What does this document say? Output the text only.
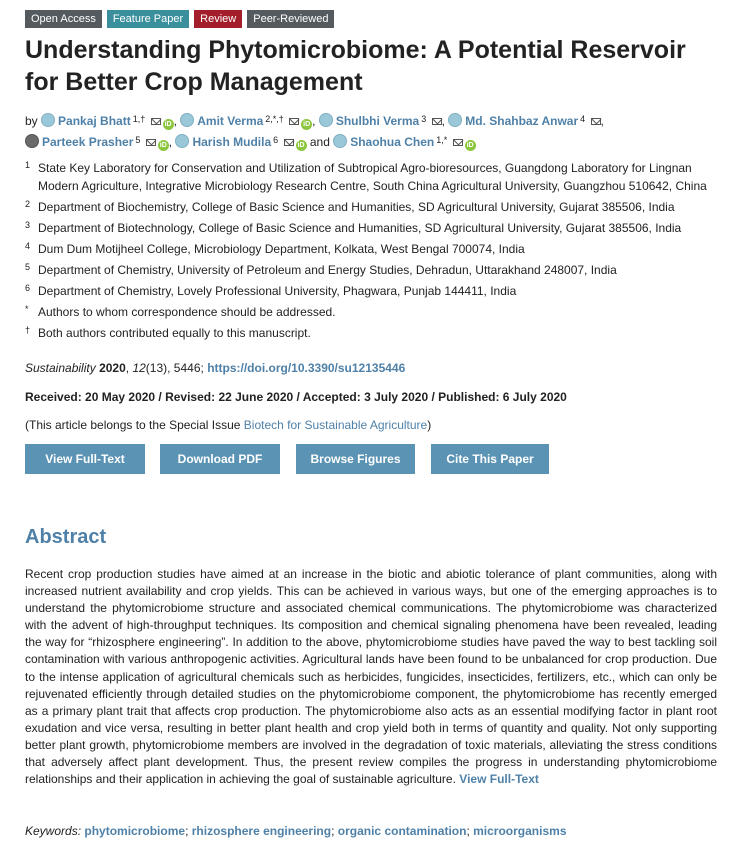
Open Access	Feature Paper	Review	Peer-Reviewed
Understanding Phytomicrobiome: A Potential Reservoir for Better Crop Management
by Pankaj Bhatt $^{1,\dagger}$ iD , Amit Verma $^{2,*,\dagger}$ iD , Shulbhi Verma $^3$ , Md. Shahbaz Anwar $^4$ ,
Parteek Prasher $^5$ iD , Harish Mudila $^6$ iD and Shaohua Chen $^{1,*}$ iD
1 State Key Laboratory for Conservation and Utilization of Subtropical Agro-bioresources, Guangdong Laboratory for Lingnan Modern Agriculture, Integrative Microbiology Research Centre, South China Agricultural University, Guangzhou 510642, China
2 Department of Biochemistry, College of Basic Science and Humanities, SD Agricultural University, Gujarat 385506, India
3 Department of Biotechnology, College of Basic Science and Humanities, SD Agricultural University, Gujarat 385506, India
4 Dum Dum Motijheel College, Microbiology Department, Kolkata, West Bengal 700074, India
5 Department of Chemistry, University of Petroleum and Energy Studies, Dehradun, Uttarakhand 248007, India
6 Department of Chemistry, Lovely Professional University, Phagwara, Punjab 144411, India
* Authors to whom correspondence should be addressed.
† Both authors contributed equally to this manuscript.
Sustainability 2020, 12(13), 5446; https://doi.org/10.3390/su12135446
Received: 20 May 2020 / Revised: 22 June 2020 / Accepted: 3 July 2020 / Published: 6 July 2020
(This article belongs to the Special Issue Biotech for Sustainable Agriculture)
View Full-Text	Download PDF	Browse Figures	Cite This Paper
Abstract
Recent crop production studies have aimed at an increase in the biotic and abiotic tolerance of plant communities, along with increased nutrient availability and crop yields. This can be achieved in various ways, but one of the emerging approaches is to understand the phytomicrobiome structure and associated chemical communications. The phytomicrobiome was characterized with the advent of high-throughput techniques. Its composition and chemical signaling phenomena have been revealed, leading the way for “rhizosphere engineering”. In addition to the above, phytomicrobiome studies have paved the way to best tackling soil contamination with various anthropogenic activities. Agricultural lands have been found to be unbalanced for crop production. Due to the intense application of agricultural chemicals such as herbicides, fungicides, insecticides, fertilizers, etc., which can only be rejuvenated efficiently through detailed studies on the phytomicrobiome component, the phytomicrobiome has recently emerged as a primary plant trait that affects crop production. The phytomicrobiome also acts as an essential modifying factor in plant root exudation and vice versa, resulting in better plant health and crop yield both in terms of quantity and quality. Not only supporting better plant growth, phytomicrobiome members are involved in the degradation of toxic materials, alleviating the stress conditions that adversely affect plant development. Thus, the present review compiles the progress in understanding phytomicrobiome relationships and their application in achieving the goal of sustainable agriculture. View Full-Text
Keywords: phytomicrobiome; rhizosphere engineering; organic contamination; microorganisms
